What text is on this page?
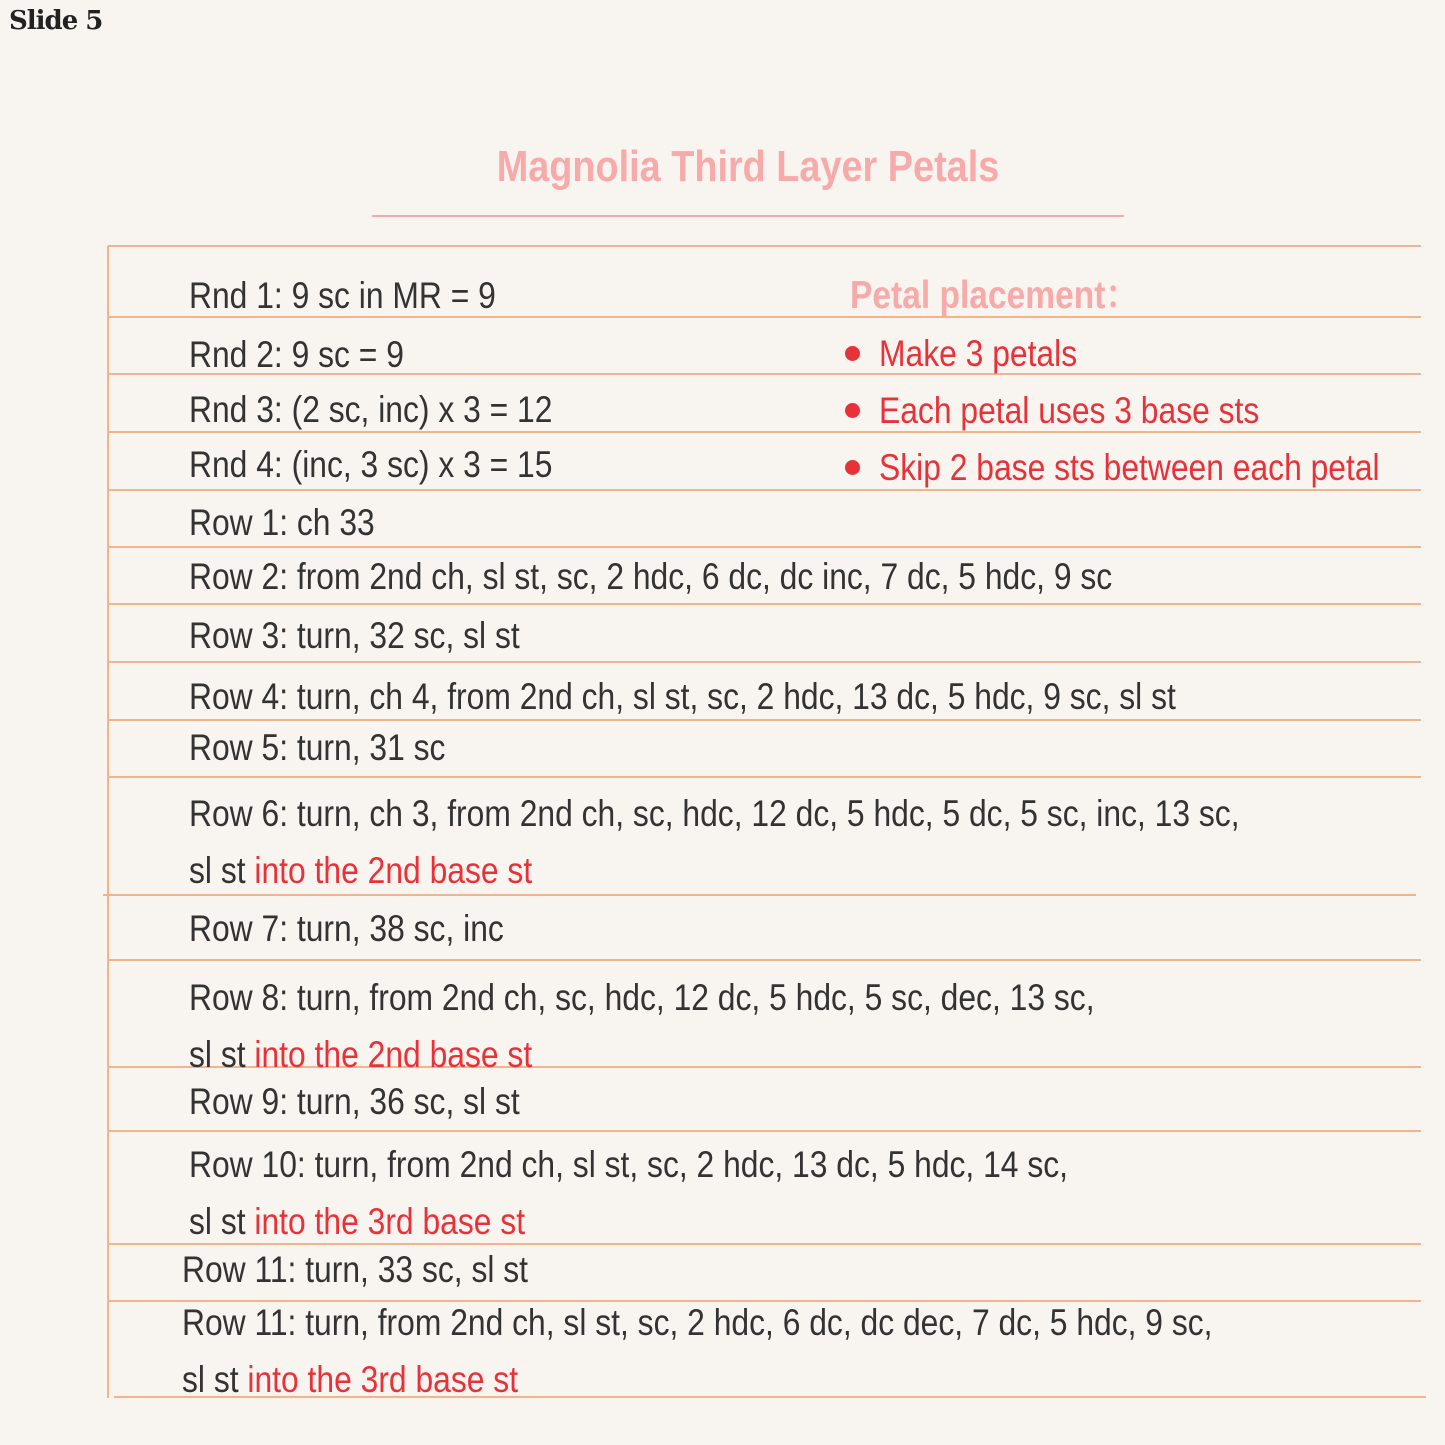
Slide 5
Magnolia Third Layer Petals
Petal placement：
Make 3 petals
Each petal uses 3 base sts
Skip 2 base sts between each petal
Rnd 1: 9 sc in MR = 9
Rnd 2: 9 sc = 9
Rnd 3: (2 sc, inc) x 3 = 12
Rnd 4: (inc, 3 sc) x 3 = 15
Row 1: ch 33
Row 2: from 2nd ch, sl st, sc, 2 hdc, 6 dc, dc inc, 7 dc, 5 hdc, 9 sc
Row 3: turn, 32 sc, sl st
Row 4: turn, ch 4, from 2nd ch, sl st, sc, 2 hdc, 13 dc, 5 hdc, 9 sc, sl st
Row 5: turn, 31 sc
Row 6: turn, ch 3, from 2nd ch, sc, hdc, 12 dc, 5 hdc, 5 dc, 5 sc, inc, 13 sc,
sl st into the 2nd base st
Row 7: turn, 38 sc, inc
Row 8: turn, from 2nd ch, sc, hdc, 12 dc, 5 hdc, 5 sc, dec, 13 sc,
sl st into the 2nd base st
Row 9: turn, 36 sc, sl st
Row 10: turn, from 2nd ch, sl st, sc, 2 hdc, 13 dc, 5 hdc, 14 sc,
sl st into the 3rd base st
Row 11: turn, 33 sc, sl st
Row 11: turn, from 2nd ch, sl st, sc, 2 hdc, 6 dc, dc dec, 7 dc, 5 hdc, 9 sc,
sl st into the 3rd base st
